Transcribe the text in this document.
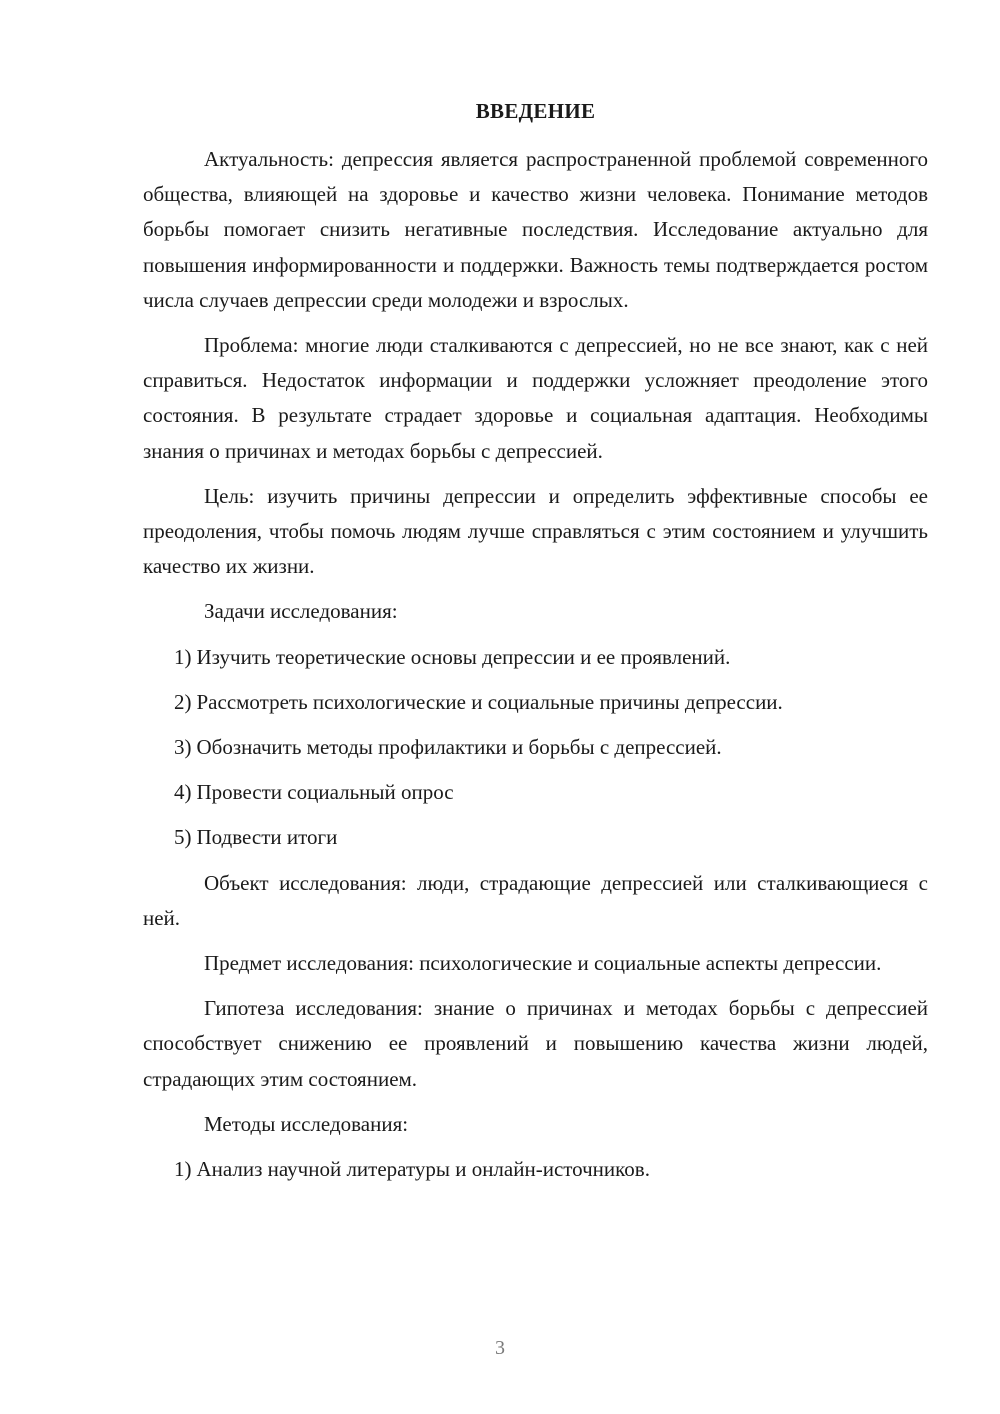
ВВЕДЕНИЕ

Актуальность: депрессия является распространенной проблемой современного общества, влияющей на здоровье и качество жизни человека. Понимание методов борьбы помогает снизить негативные последствия. Исследование актуально для повышения информированности и поддержки. Важность темы подтверждается ростом числа случаев депрессии среди молодежи и взрослых.

Проблема: многие люди сталкиваются с депрессией, но не все знают, как с ней справиться. Недостаток информации и поддержки усложняет преодоление этого состояния. В результате страдает здоровье и социальная адаптация. Необходимы знания о причинах и методах борьбы с депрессией.

Цель: изучить причины депрессии и определить эффективные способы ее преодоления, чтобы помочь людям лучше справляться с этим состоянием и улучшить качество их жизни.

Задачи исследования:

1) Изучить теоретические основы депрессии и ее проявлений.
2) Рассмотреть психологические и социальные причины депрессии.
3) Обозначить методы профилактики и борьбы с депрессией.
4) Провести социальный опрос
5) Подвести итоги

Объект исследования: люди, страдающие депрессией или сталкивающиеся с ней.

Предмет исследования: психологические и социальные аспекты депрессии.

Гипотеза исследования: знание о причинах и методах борьбы с депрессией способствует снижению ее проявлений и повышению качества жизни людей, страдающих этим состоянием.

Методы исследования:

1) Анализ научной литературы и онлайн-источников.
3
